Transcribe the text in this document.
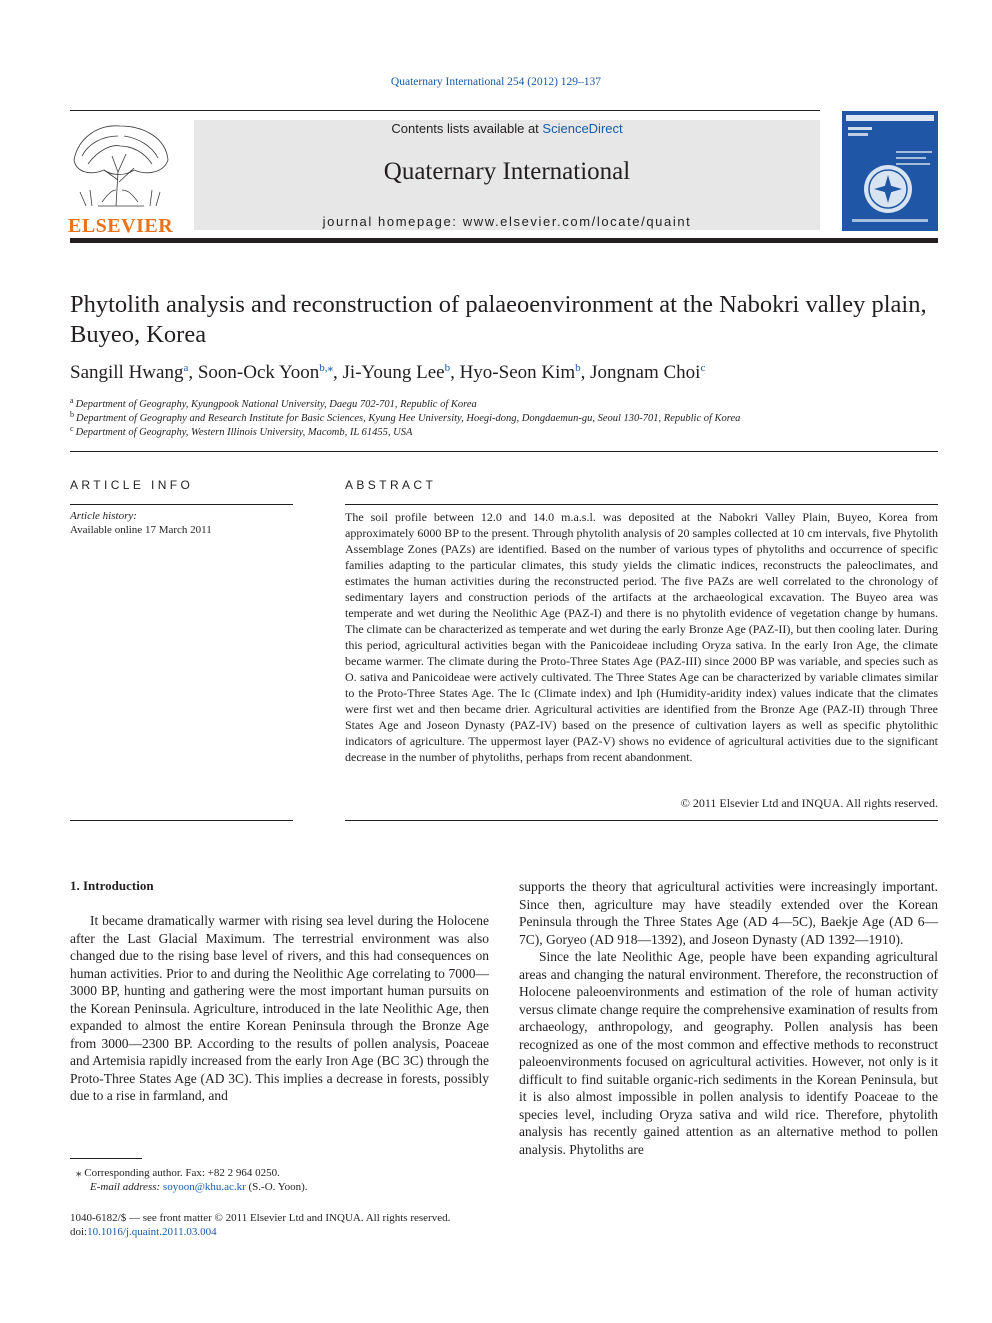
Quaternary International 254 (2012) 129–137
ELSEVIER
Contents lists available at ScienceDirect
Quaternary International
journal homepage: www.elsevier.com/locate/quaint
Phytolith analysis and reconstruction of palaeoenvironment at the Nabokri valley plain, Buyeo, Korea
Sangill Hwang$^a$, Soon-Ock Yoon$^{b,⁎}$, Ji-Young Lee$^b$, Hyo-Seon Kim$^b$, Jongnam Choi$^c$
$^a$ Department of Geography, Kyungpook National University, Daegu 702-701, Republic of Korea
$^b$ Department of Geography and Research Institute for Basic Sciences, Kyung Hee University, Hoegi-dong, Dongdaemun-gu, Seoul 130-701, Republic of Korea
$^c$ Department of Geography, Western Illinois University, Macomb, IL 61455, USA
ARTICLE INFO
Article history:
Available online 17 March 2011
ABSTRACT
The soil profile between 12.0 and 14.0 m.a.s.l. was deposited at the Nabokri Valley Plain, Buyeo, Korea from approximately 6000 BP to the present. Through phytolith analysis of 20 samples collected at 10 cm intervals, five Phytolith Assemblage Zones (PAZs) are identified. Based on the number of various types of phytoliths and occurrence of specific families adapting to the particular climates, this study yields the climatic indices, reconstructs the paleoclimates, and estimates the human activities during the reconstructed period. The five PAZs are well correlated to the chronology of sedimentary layers and construction periods of the artifacts at the archaeological excavation. The Buyeo area was temperate and wet during the Neolithic Age (PAZ-I) and there is no phytolith evidence of vegetation change by humans. The climate can be characterized as temperate and wet during the early Bronze Age (PAZ-II), but then cooling later. During this period, agricultural activities began with the Panicoideae including Oryza sativa. In the early Iron Age, the climate became warmer. The climate during the Proto-Three States Age (PAZ-III) since 2000 BP was variable, and species such as O. sativa and Panicoideae were actively cultivated. The Three States Age can be characterized by variable climates similar to the Proto-Three States Age. The Ic (Climate index) and Iph (Humidity-aridity index) values indicate that the climates were first wet and then became drier. Agricultural activities are identified from the Bronze Age (PAZ-II) through Three States Age and Joseon Dynasty (PAZ-IV) based on the presence of cultivation layers as well as specific phytolithic indicators of agriculture. The uppermost layer (PAZ-V) shows no evidence of agricultural activities due to the significant decrease in the number of phytoliths, perhaps from recent abandonment.
© 2011 Elsevier Ltd and INQUA. All rights reserved.
1. Introduction

It became dramatically warmer with rising sea level during the Holocene after the Last Glacial Maximum. The terrestrial environment was also changed due to the rising base level of rivers, and this had consequences on human activities. Prior to and during the Neolithic Age correlating to 7000—3000 BP, hunting and gathering were the most important human pursuits on the Korean Peninsula. Agriculture, introduced in the late Neolithic Age, then expanded to almost the entire Korean Peninsula through the Bronze Age from 3000—2300 BP. According to the results of pollen analysis, Poaceae and Artemisia rapidly increased from the early Iron Age (BC 3C) through the Proto-Three States Age (AD 3C). This implies a decrease in forests, possibly due to a rise in farmland, and

supports the theory that agricultural activities were increasingly important. Since then, agriculture may have steadily extended over the Korean Peninsula through the Three States Age (AD 4—5C), Baekje Age (AD 6—7C), Goryeo (AD 918—1392), and Joseon Dynasty (AD 1392—1910).

Since the late Neolithic Age, people have been expanding agricultural areas and changing the natural environment. Therefore, the reconstruction of Holocene paleoenvironments and estimation of the role of human activity versus climate change require the comprehensive examination of results from archaeology, anthropology, and geography. Pollen analysis has been recognized as one of the most common and effective methods to reconstruct paleoenvironments focused on agricultural activities. However, not only is it difficult to find suitable organic-rich sediments in the Korean Peninsula, but it is also almost impossible in pollen analysis to identify Poaceae to the species level, including Oryza sativa and wild rice. Therefore, phytolith analysis has recently gained attention as an alternative method to pollen analysis. Phytoliths are

⁎ Corresponding author. Fax: +82 2 964 0250.
E-mail address: soyoon@khu.ac.kr (S.-O. Yoon).
1040-6182/$ — see front matter © 2011 Elsevier Ltd and INQUA. All rights reserved.
doi:10.1016/j.quaint.2011.03.004
